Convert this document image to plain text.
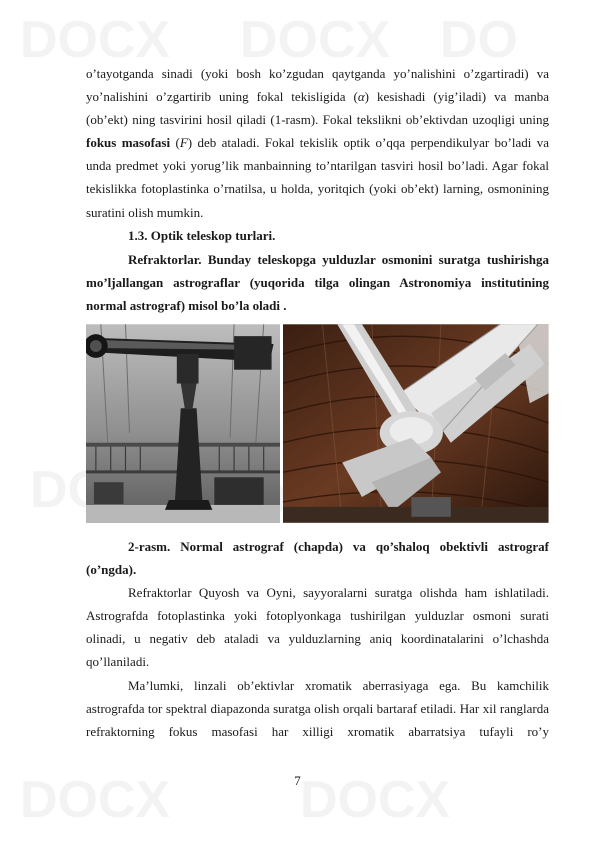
o’tayotganda sinadi (yoki bosh ko’zgudan qaytganda yo’nalishini o’zgartiradi) va yo’nalishini o’zgartirib uning fokal tekisligida (α) kesishadi (yig’iladi) va manba (ob’ekt) ning tasvirini hosil qiladi (1-rasm). Fokal tekslikni ob’ektivdan uzoqligi uning fokus masofasi (F) deb ataladi. Fokal tekislik optik o’qqa perpendikulyar bo’ladi va unda predmet yoki yorug’lik manbainning to’ntarilgan tasviri hosil bo’ladi. Agar fokal tekislikka fotoplastinka o’rnatilsa, u holda, yoritqich (yoki ob’ekt) larning, osmonining suratini olish mumkin.

1.3. Optik teleskop turlari.

Refraktorlar. Bunday teleskopga yulduzlar osmonini suratga tushirishga mo’ljallangan astrograflar (yuqorida tilga olingan Astronomiya institutining normal astrograf) misol bo’la oladi .

2-rasm. Normal astrograf (chapda) va qo’shaloq obektivli astrograf (o’ngda).

Refraktorlar Quyosh va Oyni, sayyoralarni suratga olishda ham ishlatiladi. Astrografda fotoplastinka yoki fotoplyonkaga tushirilgan yulduzlar osmoni surati olinadi, u negativ deb ataladi va yulduzlarning aniq koordinatalarini o’lchashda qo’llaniladi.

Ma’lumki, linzali ob’ektivlar xromatik aberrasiyaga ega. Bu kamchilik astrografda tor spektral diapazonda suratga olish orqali bartaraf etiladi. Har xil ranglarda refraktorning fokus masofasi har xilligi xromatik abarratsiya tufayli ro’y

7
